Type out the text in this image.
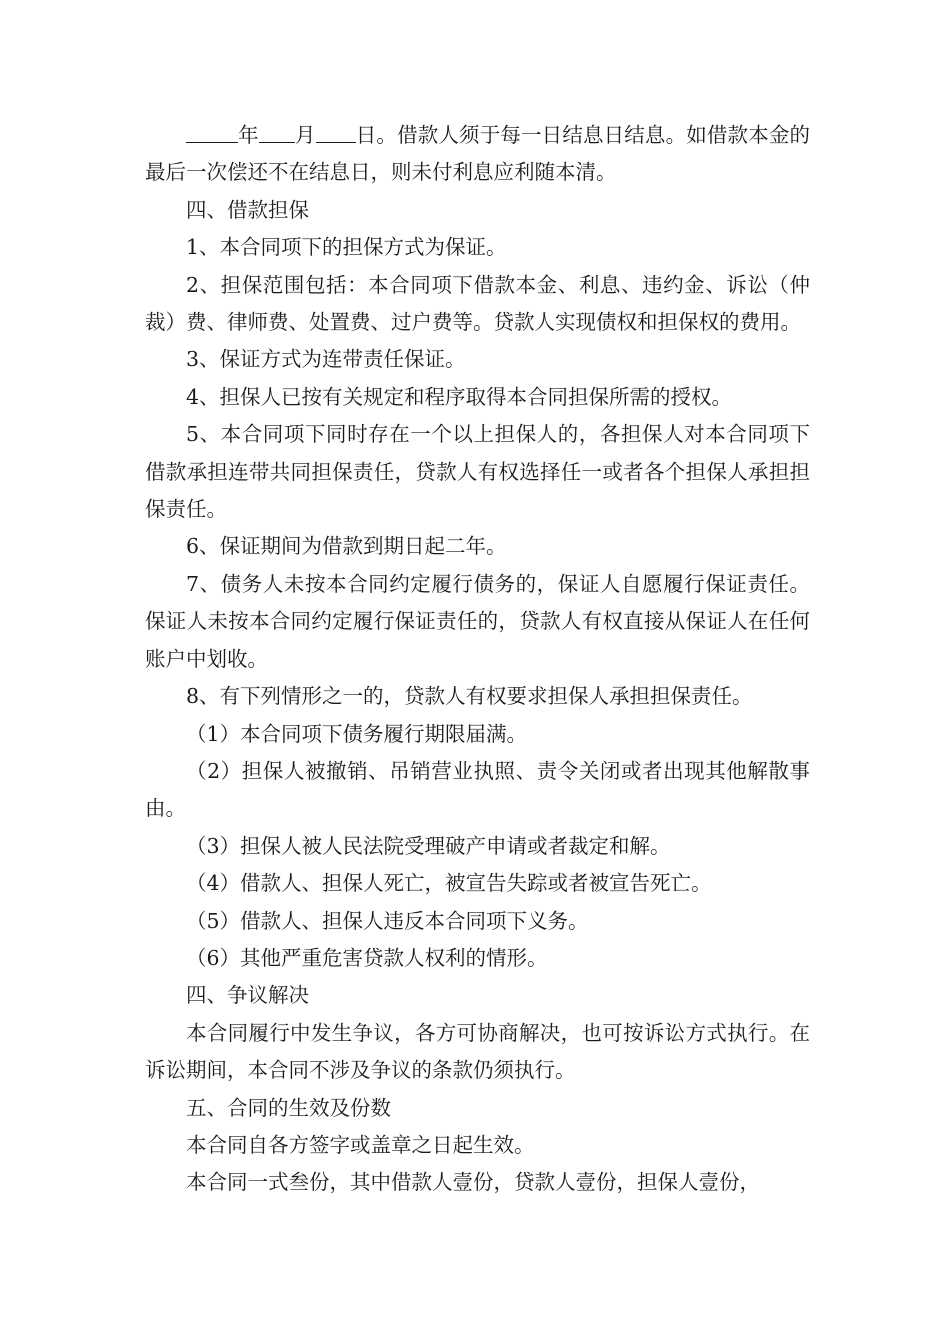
年 月 日。借款人须于每一日结息日结息。如借款本金的最后一次偿还不在结息日，则未付利息应利随本清。

四、借款担保

1、本合同项下的担保方式为保证。

2、担保范围包括：本合同项下借款本金、利息、违约金、诉讼（仲裁）费、律师费、处置费、过户费等。贷款人实现债权和担保权的费用。

3、保证方式为连带责任保证。

4、担保人已按有关规定和程序取得本合同担保所需的授权。

5、本合同项下同时存在一个以上担保人的，各担保人对本合同项下借款承担连带共同担保责任，贷款人有权选择任一或者各个担保人承担担保责任。

6、保证期间为借款到期日起二年。

7、债务人未按本合同约定履行债务的，保证人自愿履行保证责任。保证人未按本合同约定履行保证责任的，贷款人有权直接从保证人在任何账户中划收。

8、有下列情形之一的，贷款人有权要求担保人承担担保责任。

（1）本合同项下债务履行期限届满。

（2）担保人被撤销、吊销营业执照、责令关闭或者出现其他解散事由。

（3）担保人被人民法院受理破产申请或者裁定和解。

（4）借款人、担保人死亡，被宣告失踪或者被宣告死亡。

（5）借款人、担保人违反本合同项下义务。

（6）其他严重危害贷款人权利的情形。

四、争议解决

本合同履行中发生争议，各方可协商解决，也可按诉讼方式执行。在诉讼期间，本合同不涉及争议的条款仍须执行。

五、合同的生效及份数

本合同自各方签字或盖章之日起生效。

本合同一式叁份，其中借款人壹份，贷款人壹份，担保人壹份，
